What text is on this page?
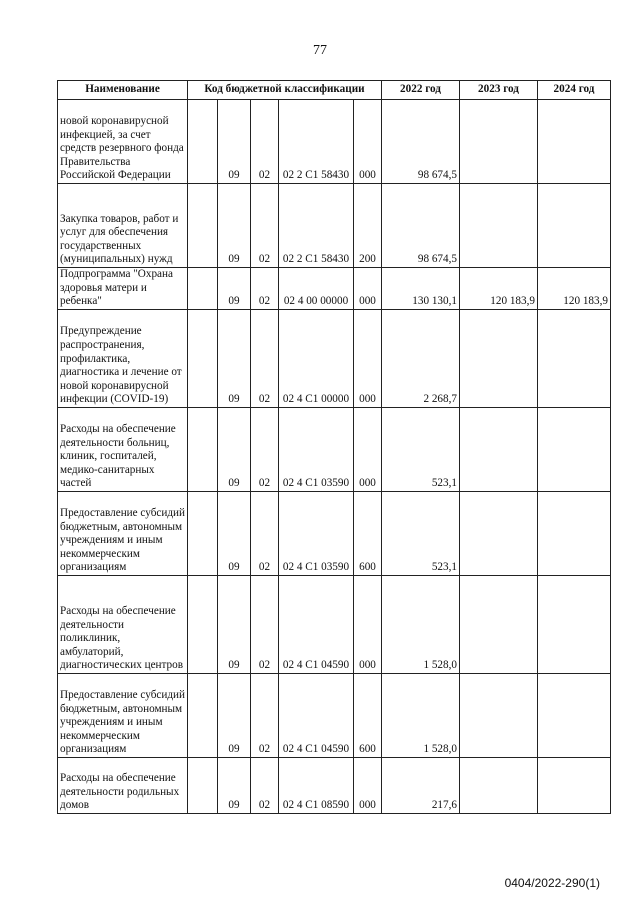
77
Наименование	Код бюджетной классификации					2022 год	2023 год	2024 год
новой коронавирусной инфекцией, за счет средств резервного фонда Правительства Российской Федерации		09	02	02 2 С1 58430	000	98 674,5		
Закупка товаров, работ и услуг для обеспечения государственных (муниципальных) нужд		09	02	02 2 С1 58430	200	98 674,5		
Подпрограмма "Охрана здоровья матери и ребенка"		09	02	02 4 00 00000	000	130 130,1	120 183,9	120 183,9
Предупреждение распространения, профилактика, диагностика и лечение от новой коронавирусной инфекции (COVID-19)		09	02	02 4 С1 00000	000	2 268,7		
Расходы на обеспечение деятельности больниц, клиник, госпиталей, медико-санитарных частей		09	02	02 4 С1 03590	000	523,1		
Предоставление субсидий бюджетным, автономным учреждениям и иным некоммерческим организациям		09	02	02 4 С1 03590	600	523,1		
Расходы на обеспечение деятельности поликлиник, амбулаторий, диагностических центров		09	02	02 4 С1 04590	000	1 528,0		
Предоставление субсидий бюджетным, автономным учреждениям и иным некоммерческим организациям		09	02	02 4 С1 04590	600	1 528,0		
Расходы на обеспечение деятельности родильных домов		09	02	02 4 С1 08590	000	217,6		
0404/2022-290(1)
